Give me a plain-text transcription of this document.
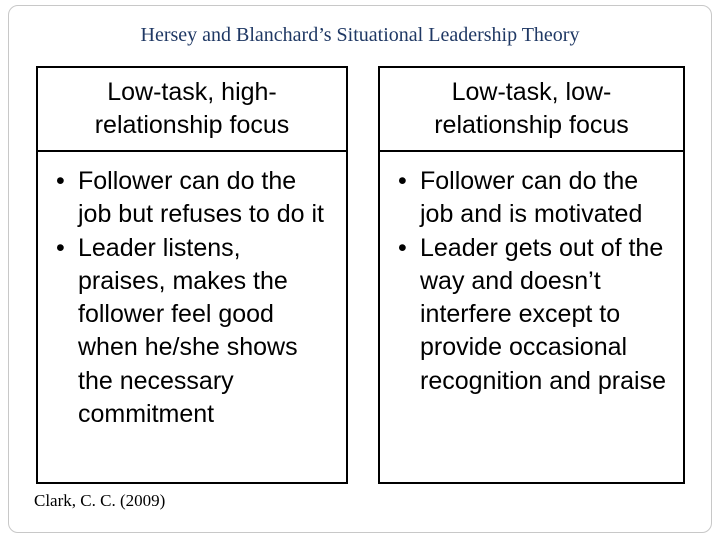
Hersey and Blanchard’s Situational Leadership Theory
Low-task, high-
relationship focus
Low-task, low-
relationship focus
• Follower can do the job but refuses to do it
• Leader listens, praises, makes the follower feel good when he/she shows the necessary commitment
• Follower can do the job and is motivated
• Leader gets out of the way and doesn’t interfere except to provide occasional recognition and praise
Clark, C. C. (2009)
